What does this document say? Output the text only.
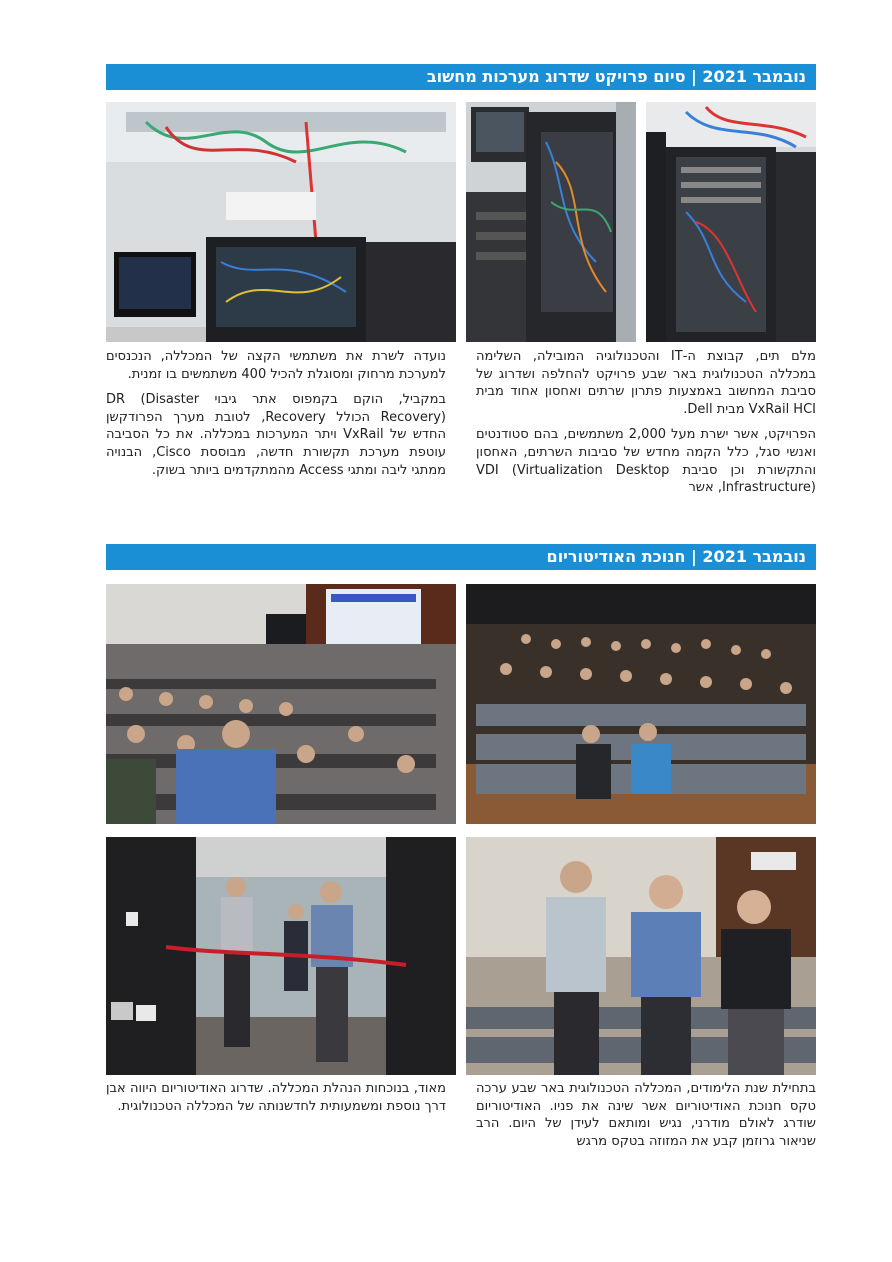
נובמבר 2021 | סיום פרויקט שדרוג מערכות מחשוב

מלם תים, קבוצת ה-IT והטכנולוגיה המובילה, השלימה במכללה הטכנולוגית באר שבע פרויקט להחלפה ושדרוג של סביבת המחשוב באמצעות פתרון שרתים ואחסון אחוד מבית VxRail HCI מבית Dell.

הפרויקט, אשר ישרת מעל 2,000 משתמשים, בהם סטודנטים ואנשי סגל, כלל הקמה מחדש של סביבות השרתים, האחסון והתקשורת וכן סביבת VDI (Virtualization Desktop Infrastructure), אשר

נועדה לשרת את משתמשי הקצה של המכללה, הנכנסים למערכת מרחוק ומסוגלת להכיל 400 משתמשים בו זמנית.

במקביל, הוקם בקמפוס אתר גיבוי DR (Disaster Recovery) הכולל Recovery, לטובת מערך הפרודקשן החדש של VxRail ויתר המערכות במכללה. את כל הסביבה עוטפת מערכת תקשורת חדשה, מבוססת Cisco, הבנויה ממתגי ליבה ומתגי Access מהמתקדמים ביותר בשוק.

נובמבר 2021 | חנוכת האודיטוריום

בתחילת שנת הלימודים, המכללה הטכנולוגית באר שבע ערכה טקס חנוכת האודיטוריום אשר שינה את פניו. האודיטוריום שודרג לאולם מודרני, נגיש ומותאם לעידן של היום. הרב שניאור גרוזמן קבע את המזוזה בטקס מרגש

מאוד, בנוכחות הנהלת המכללה. שדרוג האודיטוריום היווה אבן דרך נוספת ומשמעותית לחדשנותה של המכללה הטכנולוגית.
